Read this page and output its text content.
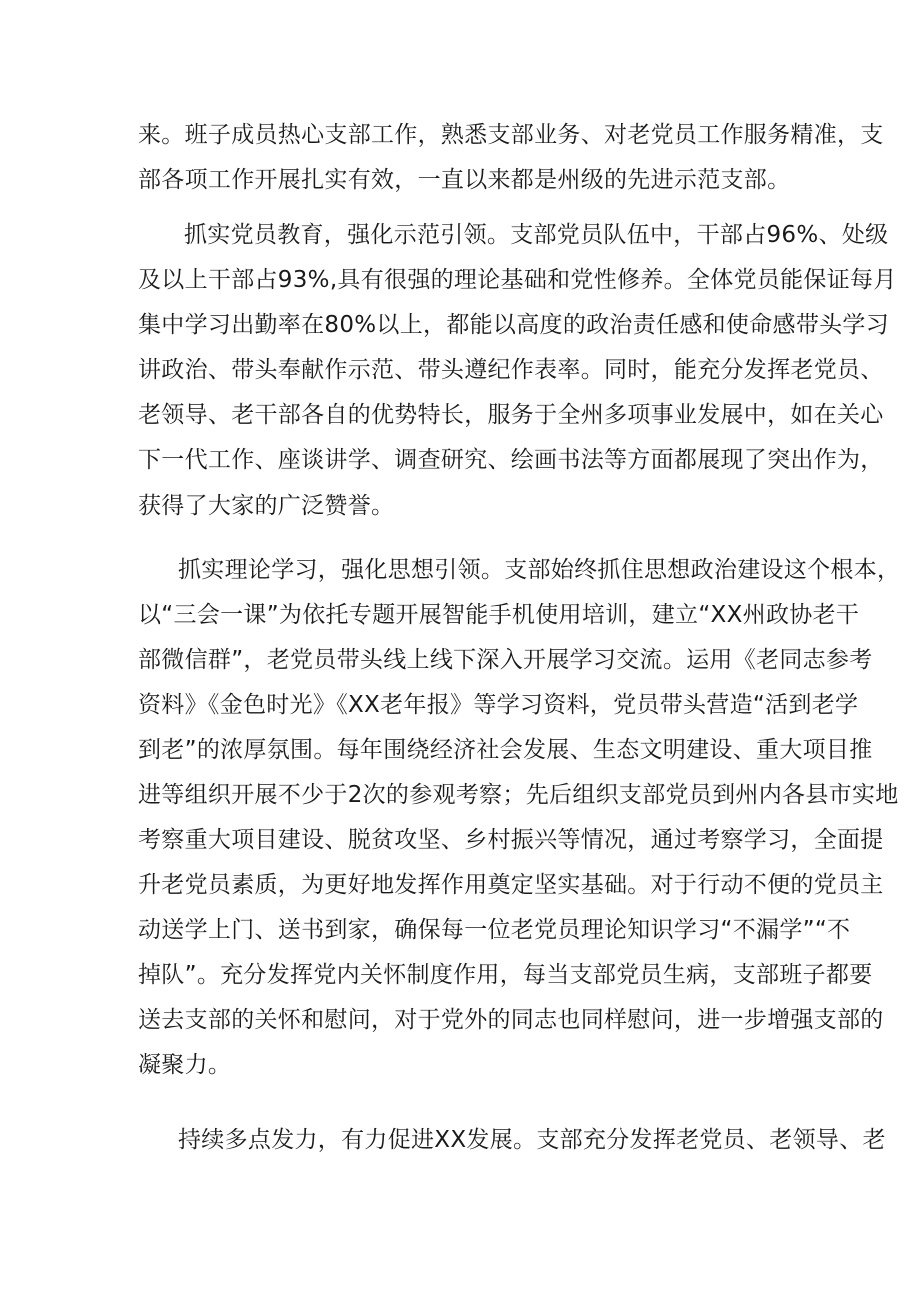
来。班子成员热心支部工作，熟悉支部业务、对老党员工作服务精准，支
部各项工作开展扎实有效，一直以来都是州级的先进示范支部。
抓实党员教育，强化示范引领。支部党员队伍中，干部占96%、处级
及以上干部占93%,具有很强的理论基础和党性修养。全体党员能保证每月
集中学习出勤率在80%以上，都能以高度的政治责任感和使命感带头学习
讲政治、带头奉献作示范、带头遵纪作表率。同时，能充分发挥老党员、
老领导、老干部各自的优势特长，服务于全州多项事业发展中，如在关心
下一代工作、座谈讲学、调查研究、绘画书法等方面都展现了突出作为，
获得了大家的广泛赞誉。
抓实理论学习，强化思想引领。支部始终抓住思想政治建设这个根本，
以“三会一课”为依托专题开展智能手机使用培训，建立“XX州政协老干
部微信群”，老党员带头线上线下深入开展学习交流。运用《老同志参考
资料》《金色时光》《XX老年报》等学习资料，党员带头营造“活到老学
到老”的浓厚氛围。每年围绕经济社会发展、生态文明建设、重大项目推
进等组织开展不少于2次的参观考察；先后组织支部党员到州内各县市实地
考察重大项目建设、脱贫攻坚、乡村振兴等情况，通过考察学习，全面提
升老党员素质，为更好地发挥作用奠定坚实基础。对于行动不便的党员主
动送学上门、送书到家，确保每一位老党员理论知识学习“不漏学”“不
掉队”。充分发挥党内关怀制度作用，每当支部党员生病，支部班子都要
送去支部的关怀和慰问，对于党外的同志也同样慰问，进一步增强支部的
凝聚力。
持续多点发力，有力促进XX发展。支部充分发挥老党员、老领导、老
